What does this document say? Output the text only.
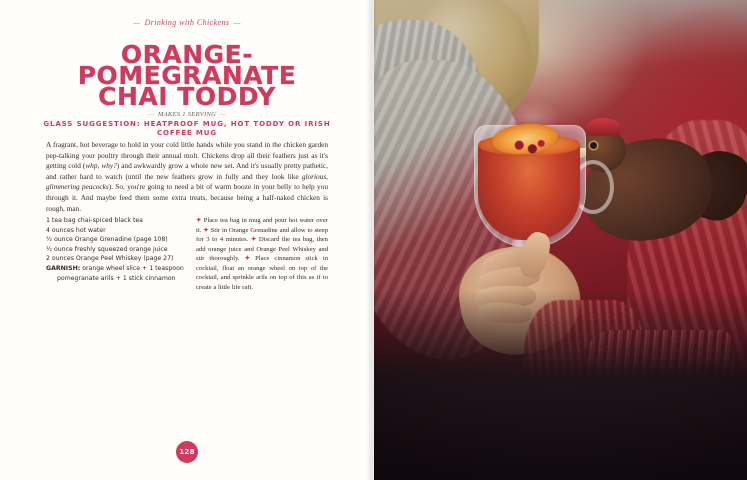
— Drinking with Chickens —
ORANGE-
POMEGRANATE
CHAI TODDY
— MAKES 1 SERVING —
GLASS SUGGESTION: HEATPROOF MUG, HOT TODDY OR IRISH COFFEE MUG
A fragrant, hot beverage to hold in your cold little hands while you stand in the chicken garden pep-talking your poultry through their annual molt. Chickens drop all their feathers just as it's getting cold (whp, why?) and awkwardly grow a whole new set. And it's usually pretty pathetic, and rather hard to watch (until the new feathers grow in fully and they look like glorious, glimmering peacocks). So, you're going to need a bit of warm booze in your belly to help you through it. And maybe feed them some extra treats, because being a half-naked chicken is rough, man.
1 tea bag chai-spiced black tea
4 ounces hot water
½ ounce Orange Grenadine (page 108)
½ ounce freshly squeezed orange juice
2 ounces Orange Peel Whiskey (page 27)
GARNISH: orange wheel slice + 1 teaspoon
pomegranate arils + 1 stick cinnamon
✦ Place tea bag in mug and pour hot water over it. ✦ Stir in Orange Grenadine and allow to steep for 3 to 4 minutes. ✦ Discard the tea bag, then add orange juice and Orange Peel Whiskey and stir thoroughly. ✦ Place cinnamon stick in cocktail, float an orange wheel on top of the cocktail, and sprinkle arils on top of this as if to create a little life raft.
128
